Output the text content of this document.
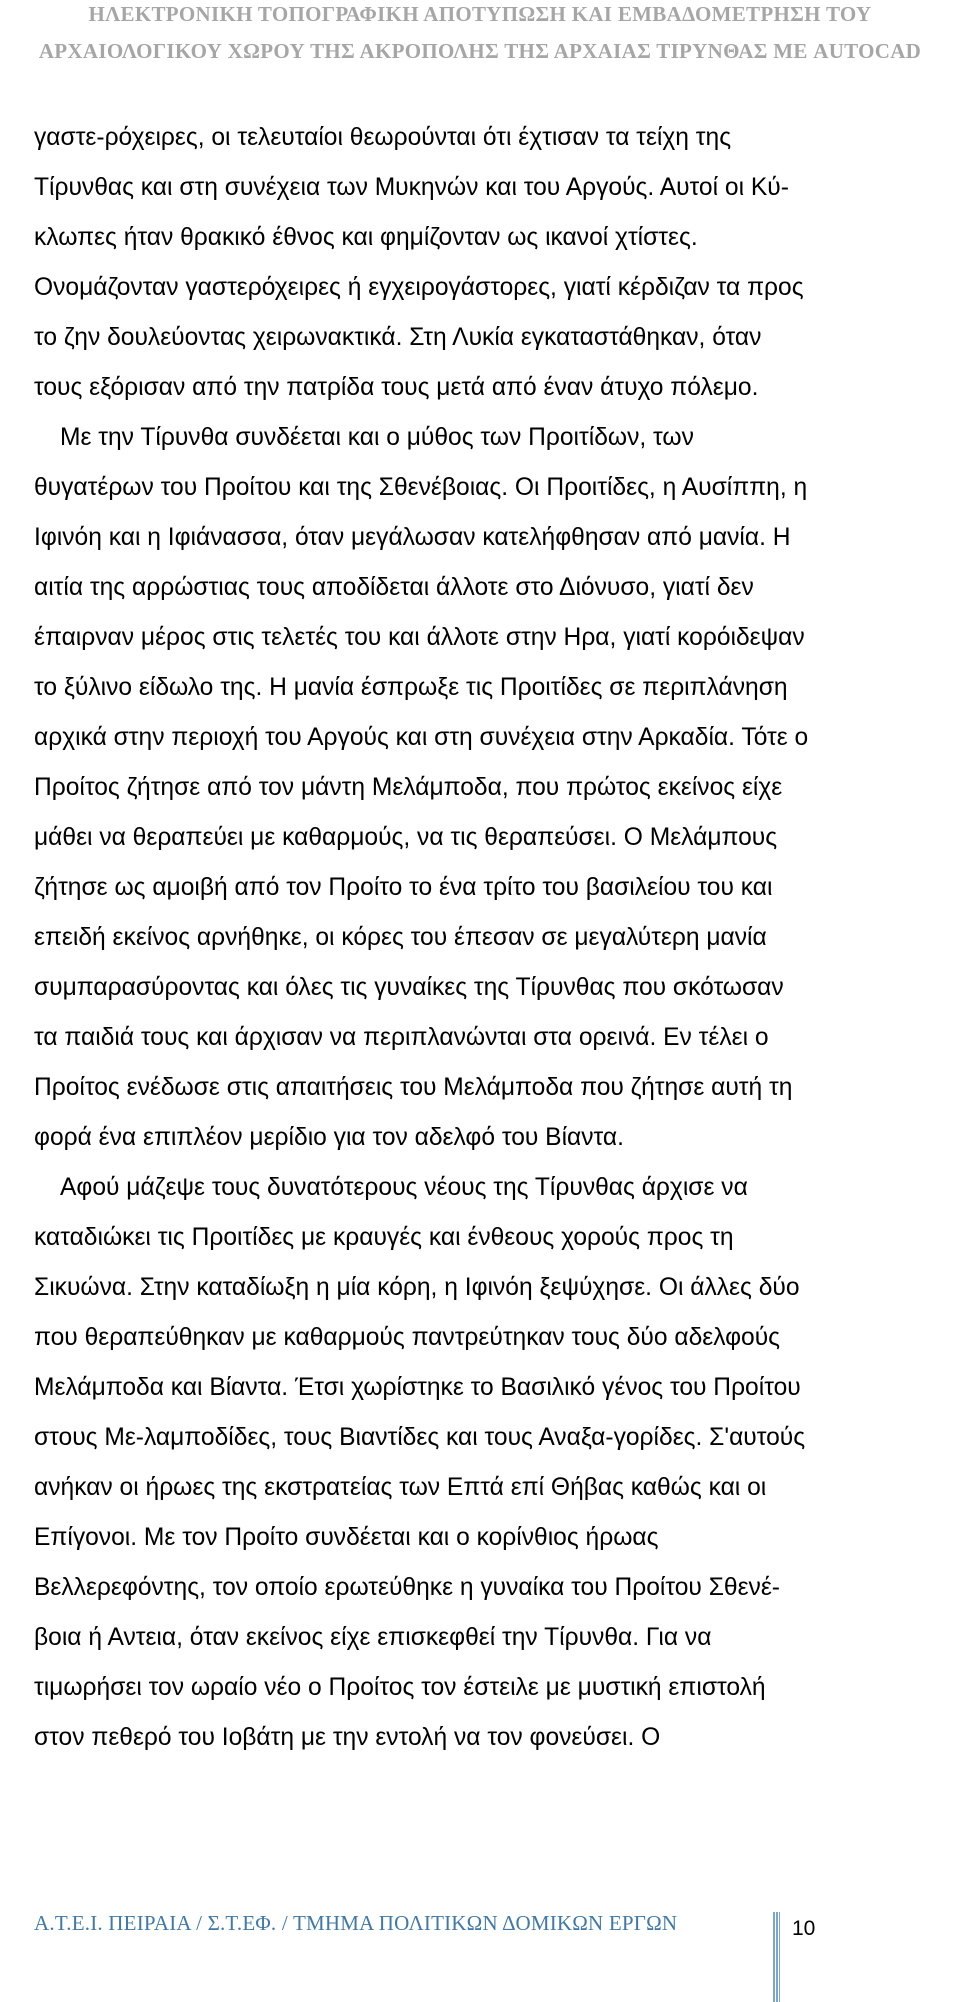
ΗΛΕΚΤΡΟΝΙΚΗ ΤΟΠΟΓΡΑΦΙΚΗ ΑΠΟΤΥΠΩΣΗ ΚΑΙ ΕΜΒΑΔΟΜΕΤΡΗΣΗ ΤΟΥ
ΑΡΧΑΙΟΛΟΓΙΚΟΥ ΧΩΡΟΥ ΤΗΣ ΑΚΡΟΠΟΛΗΣ ΤΗΣ ΑΡΧΑΙΑΣ ΤΙΡΥΝΘΑΣ ΜΕ AUTOCAD
γαστε-ρόχειρες, οι τελευταίοι θεωρούνται ότι έχτισαν τα τείχη της
Τίρυνθας και στη συνέχεια των Μυκηνών και του Αργούς. Αυτοί οι Κύ-
κλωπες ήταν θρακικό έθνος και φημίζονταν ως ικανοί χτίστες.
Ονομάζονταν γαστερόχειρες ή εγχειρογάστορες, γιατί κέρδιζαν τα προς
το ζην δουλεύοντας χειρωνακτικά. Στη Λυκία εγκαταστάθηκαν, όταν
τους εξόρισαν από την πατρίδα τους μετά από έναν άτυχο πόλεμο.
Με την Τίρυνθα συνδέεται και ο μύθος των Προιτίδων, των
θυγατέρων του Προίτου και της Σθενέβοιας. Οι Προιτίδες, η Αυσίππη, η
Ιφινόη και η Ιφιάνασσα, όταν μεγάλωσαν κατελήφθησαν από μανία. Η
αιτία της αρρώστιας τους αποδίδεται άλλοτε στο Διόνυσο, γιατί δεν
έπαιρναν μέρος στις τελετές του και άλλοτε στην Ηρα, γιατί κορόιδεψαν
το ξύλινο είδωλο της. Η μανία έσπρωξε τις Προιτίδες σε περιπλάνηση
αρχικά στην περιοχή του Αργούς και στη συνέχεια στην Αρκαδία. Τότε ο
Προίτος ζήτησε από τον μάντη Μελάμποδα, που πρώτος εκείνος είχε
μάθει να θεραπεύει με καθαρμούς, να τις θεραπεύσει. Ο Μελάμπους
ζήτησε ως αμοιβή από τον Προίτο το ένα τρίτο του βασιλείου του και
επειδή εκείνος αρνήθηκε, οι κόρες του έπεσαν σε μεγαλύτερη μανία
συμπαρασύροντας και όλες τις γυναίκες της Τίρυνθας που σκότωσαν
τα παιδιά τους και άρχισαν να περιπλανώνται στα ορεινά. Εν τέλει ο
Προίτος ενέδωσε στις απαιτήσεις του Μελάμποδα που ζήτησε αυτή τη
φορά ένα επιπλέον μερίδιο για τον αδελφό του Βίαντα.
Αφού μάζεψε τους δυνατότερους νέους της Τίρυνθας άρχισε να
καταδιώκει τις Προιτίδες με κραυγές και ένθεους χορούς προς τη
Σικυώνα. Στην καταδίωξη η μία κόρη, η Ιφινόη ξεψύχησε. Οι άλλες δύο
που θεραπεύθηκαν με καθαρμούς παντρεύτηκαν τους δύο αδελφούς
Μελάμποδα και Βίαντα. Έτσι χωρίστηκε το Βασιλικό γένος του Προίτου
στους Με-λαμποδίδες, τους Βιαντίδες και τους Αναξα-γορίδες. Σ'αυτούς
ανήκαν οι ήρωες της εκστρατείας των Επτά επί Θήβας καθώς και οι
Επίγονοι. Με τον Προίτο συνδέεται και ο κορίνθιος ήρωας
Βελλερεφόντης, τον οποίο ερωτεύθηκε η γυναίκα του Προίτου Σθενέ-
βοια ή Αντεια, όταν εκείνος είχε επισκεφθεί την Τίρυνθα. Για να
τιμωρήσει τον ωραίο νέο ο Προίτος τον έστειλε με μυστική επιστολή
στον πεθερό του Ιοβάτη με την εντολή να τον φονεύσει. Ο
Α.Τ.Ε.Ι. ΠΕΙΡΑΙΑ / Σ.Τ.ΕΦ. / ΤΜΗΜΑ ΠΟΛΙΤΙΚΩΝ ΔΟΜΙΚΩΝ ΕΡΓΩΝ	10
